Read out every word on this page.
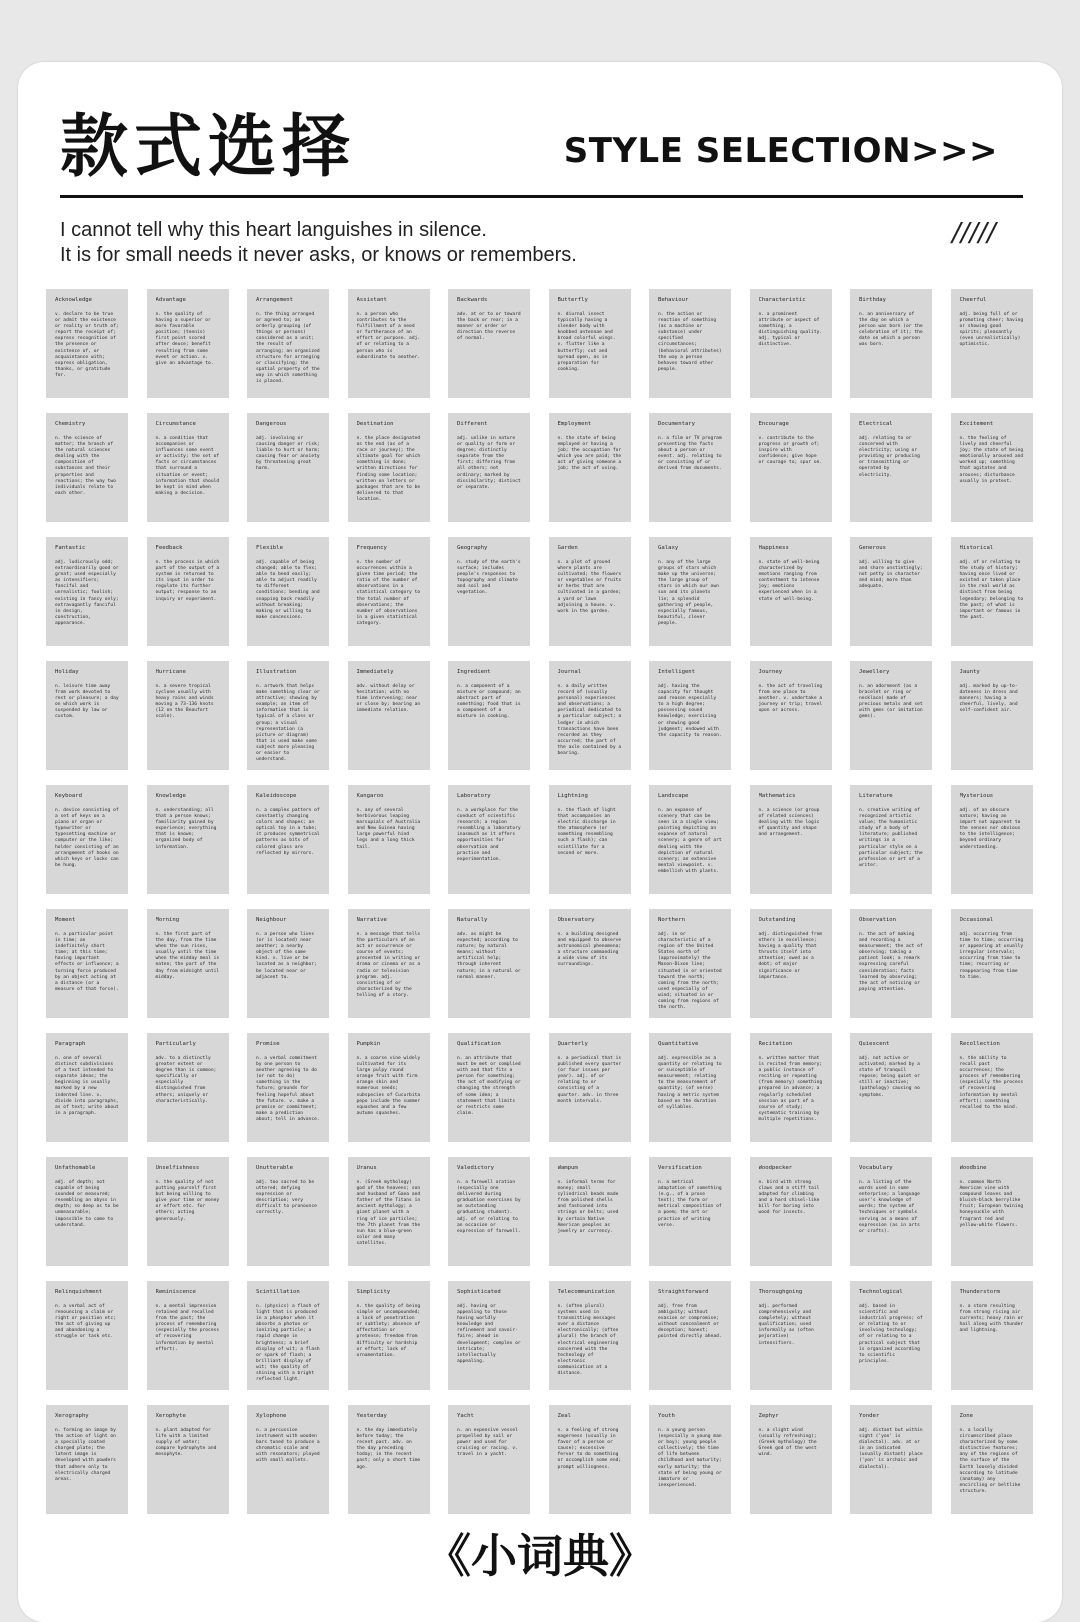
款式选择	STYLE SELECTION>>>
I cannot tell why this heart languishes in silence.
It is for small needs it never asks, or knows or remembers.
/////
Acknowledge
v. declare to be true or admit the existence or reality or truth of; report the receipt of; express recognition of the presence or existence of, or acquaintance with; express obligation, thanks, or gratitude for.
Advantage
n. the quality of having a superior or more favorable position; (tennis) first point scored after deuce; benefit resulting from some event or action. v. give an advantage to.
Arrangement
n. the thing arranged or agreed to; an orderly grouping (of things or persons) considered as a unit; the result of arranging; an organized structure for arranging or classifying; the spatial property of the way in which something is placed.
Assistant
n. a person who contributes to the fulfillment of a need or furtherance of an effort or purpose. adj. of or relating to a person who is subordinate to another.
Backwards
adv. at or to or toward the back or rear; in a manner or order or direction the reverse of normal.
Butterfly
n. diurnal insect typically having a slender body with knobbed antennae and broad colorful wings. v. flutter like a butterfly; cut and spread open, as in preparation for cooking.
Behaviour
n. the action or reaction of something (as a machine or substance) under specified circumstances; (behavioral attributes) the way a person behaves toward other people.
Characteristic
n. a prominent attribute or aspect of something; a distinguishing quality. adj. typical or distinctive.
Birthday
n. an anniversary of the day on which a person was born (or the celebration of it); the date on which a person was born.
Cheerful
adj. being full of or promoting cheer; having or showing good spirits; pleasantly (even unrealistically) optimistic.
Chemistry
n. the science of matter; the branch of the natural sciences dealing with the composition of substances and their properties and reactions; the way two individuals relate to each other.
Circumstance
n. a condition that accompanies or influences some event or activity; the set of facts or circumstances that surround a situation or event; information that should be kept in mind when making a decision.
Dangerous
adj. involving or causing danger or risk; liable to hurt or harm; causing fear or anxiety by threatening great harm.
Destination
n. the place designated as the end (as of a race or journey); the ultimate goal for which something is done; written directions for finding some location; written on letters or packages that are to be delivered to that location.
Different
adj. unlike in nature or quality or form or degree; distinctly separate from the first; differing from all others; not ordinary; marked by dissimilarity; distinct or separate.
Employment
n. the state of being employed or having a job; the occupation for which you are paid; the act of giving someone a job; the act of using.
Documentary
n. a film or TV program presenting the facts about a person or event. adj. relating to or consisting of or derived from documents.
Encourage
v. contribute to the progress or growth of; inspire with confidence; give hope or courage to; spur on.
Electrical
adj. relating to or concerned with electricity; using or providing or producing or transmitting or operated by electricity.
Excitement
n. the feeling of lively and cheerful joy; the state of being emotionally aroused and worked up; something that agitates and arouses; disturbance usually in protest.
Fantastic
adj. ludicrously odd; extraordinarily good or great; used especially as intensifiers; fanciful and unrealistic; foolish; existing in fancy only; extravagantly fanciful in design, construction, appearance.
Feedback
n. the process in which part of the output of a system is returned to its input in order to regulate its further output; response to an inquiry or experiment.
Flexible
adj. capable of being changed; able to flex; able to bend easily; able to adjust readily to different conditions; bending and snapping back readily without breaking; making or willing to make concessions.
Frequency
n. the number of occurrences within a given time period; the ratio of the number of observations in a statistical category to the total number of observations; the number of observations in a given statistical category.
Geography
n. study of the earth's surface; includes people's responses to topography and climate and soil and vegetation.
Garden
n. a plot of ground where plants are cultivated; the flowers or vegetables or fruits or herbs that are cultivated in a garden; a yard or lawn adjoining a house. v. work in the garden.
Galaxy
n. any of the large groups of stars which make up the universe; the large group of stars in which our own sun and its planets lie; a splendid gathering of people, especially famous, beautiful, clever people.
Happiness
n. state of well-being characterized by emotions ranging from contentment to intense joy; emotions experienced when in a state of well-being.
Generous
adj. willing to give and share unstintingly; not petty in character and mind; more than adequate.
Historical
adj. of or relating to the study of history; having once lived or existed or taken place in the real world as distinct from being legendary; belonging to the past; of what is important or famous in the past.
Holiday
n. leisure time away from work devoted to rest or pleasure; a day on which work is suspended by law or custom.
Hurricane
n. a severe tropical cyclone usually with heavy rains and winds moving a 73-136 knots (12 on the Beaufort scale).
Illustration
n. artwork that helps make something clear or attractive; showing by example; an item of information that is typical of a class or group; a visual representation (a picture or diagram) that is used make some subject more pleasing or easier to understand.
Immediately
adv. without delay or hesitation; with no time intervening; near or close by; bearing an immediate relation.
Ingredient
n. a component of a mixture or compound; an abstract part of something; food that is a component of a mixture in cooking.
Journal
n. a daily written record of (usually personal) experiences and observations; a periodical dedicated to a particular subject; a ledger in which transactions have been recorded as they occurred; the part of the axle contained by a bearing.
Intelligent
adj. having the capacity for thought and reason especially to a high degree; possessing sound knowledge; exercising or showing good judgment; endowed with the capacity to reason.
Journey
n. the act of traveling from one place to another. v. undertake a journey or trip; travel upon or across.
Jewellery
n. an adornment (as a bracelet or ring or necklace) made of precious metals and set with gems (or imitation gems).
Jaunty
adj. marked by up-to-dateness in dress and manners; having a cheerful, lively, and self-confident air.
Keyboard
n. device consisting of a set of keys on a piano or organ or typewriter or typesetting machine or computer or the like; holder consisting of an arrangement of hooks on which keys or locks can be hung.
Knowledge
n. understanding; all that a person knows; familiarity gained by experience; everything that is known; organized body of information.
Kaleidoscope
n. a complex pattern of constantly changing colors and shapes; an optical toy in a tube; it produces symmetrical patterns as bits of colored glass are reflected by mirrors.
Kangaroo
n. any of several herbivorous leaping marsupials of Australia and New Guinea having large powerful hind legs and a long thick tail.
Laboratory
n. a workplace for the conduct of scientific research; a region resembling a laboratory inasmuch as it offers opportunities for observation and practice and experimentation.
Lightning
n. the flash of light that accompanies an electric discharge in the atmosphere (or something resembling such a flash); can scintillate for a second or more.
Landscape
n. an expanse of scenery that can be seen in a single view; painting depicting an expanse of natural scenery; a genre of art dealing with the depiction of natural scenery; an extensive mental viewpoint. v. embellish with plants.
Mathematics
n. a science (or group of related sciences) dealing with the logic of quantity and shape and arrangement.
Literature
n. creative writing of recognized artistic value; the humanistic study of a body of literature; published writings in a particular style on a particular subject; the profession or art of a writer.
Mysterious
adj. of an obscure nature; having an import not apparent to the senses nor obvious to the intelligence; beyond ordinary understanding.
Moment
n. a particular point in time; an indefinitely short time; at this time; having important effects or influence; a turning force produced by an object acting at a distance (or a measure of that force).
Morning
n. the first part of the day, from the time when the sun rises, usually until the time when the midday meal is eaten; the part of the day from midnight until midday.
Neighbour
n. a person who lives (or is located) near another; a nearby object of the same kind. v. live or be located as a neighbor; be located near or adjacent to.
Narrative
n. a message that tells the particulars of an act or occurrence or course of events; presented in writing or drama or cinema or as a radio or television program. adj. consisting of or characterized by the telling of a story.
Naturally
adv. as might be expected; according to nature; by natural means; without artificial help; through inherent nature; in a natural or normal manner.
Observatory
n. a building designed and equipped to observe astronomical phenomena; a structure commanding a wide view of its surroundings.
Northern
adj. in or characteristic of a region of the United States north of (approximately) the Mason-Dixon line; situated in or oriented toward the north; coming from the north; used especially of wind; situated in or coming from regions of the north.
Outstanding
adj. distinguished from others in excellence; having a quality that thrusts itself into attention; owed as a debt; of major significance or importance.
Observation
n. the act of making and recording a measurement; the act of observing; taking a patient look; a remark expressing careful consideration; facts learned by observing; the act of noticing or paying attention.
Occasional
adj. occurring from time to time; occurring or appearing at usually irregular intervals; occurring from time to time; recurring or reappearing from time to time.
Paragraph
n. one of several distinct subdivisions of a text intended to separate ideas; the beginning is usually marked by a new indented line. v. divide into paragraphs, as of text; write about in a paragraph.
Particularly
adv. to a distinctly greater extent or degree than is common; specifically or especially distinguished from others; uniquely or characteristically.
Promise
n. a verbal commitment by one person to another agreeing to do (or not to do) something in the future; grounds for feeling hopeful about the future. v. make a promise or commitment; make a prediction about; tell in advance.
Pumpkin
n. a coarse vine widely cultivated for its large pulpy round orange fruit with firm orange skin and numerous seeds; subspecies of Cucurbita pepo include the summer squashes and a few autumn squashes.
Qualification
n. an attribute that must be met or complied with and that fits a person for something; the act of modifying or changing the strength of some idea; a statement that limits or restricts some claim.
Quarterly
n. a periodical that is published every quarter (or four issues per year). adj. of or relating to or consisting of a quarter. adv. in three month intervals.
Quantitative
adj. expressible as a quantity or relating to or susceptible of measurement; relating to the measurement of quantity; (of verse) having a metric system based on the duration of syllables.
Recitation
n. written matter that is recited from memory; a public instance of reciting or repeating (from memory) something prepared in advance; a regularly scheduled session as part of a course of study; systematic training by multiple repetitions.
Quiescent
adj. not active or activated; marked by a state of tranquil repose; being quiet or still or inactive; (pathology) causing no symptoms.
Recollection
n. the ability to recall past occurrences; the process of remembering (especially the process of recovering information by mental effort); something recalled to the mind.
Unfathomable
adj. of depth; not capable of being sounded or measured; resembling an abyss in depth; so deep as to be unmeasurable; impossible to come to understand.
Unselfishness
n. the quality of not putting yourself first but being willing to give your time or money or effort etc. for others; acting generously.
Unutterable
adj. too sacred to be uttered; defying expression or description; very difficult to pronounce correctly.
Uranus
n. (Greek mythology) god of the heavens; son and husband of Gaea and father of the Titans in ancient mythology; a giant planet with a ring of ice particles; the 7th planet from the sun has a blue-green color and many satellites.
Valedictory
n. a farewell oration (especially one delivered during graduation exercises by an outstanding graduating student). adj. of or relating to an occasion or expression of farewell.
Wampum
n. informal terms for money; small cylindrical beads made from polished shells and fashioned into strings or belts; used by certain Native American peoples as jewelry or currency.
Versification
n. a metrical adaptation of something (e.g., of a prose text); the form or metrical composition of a poem; the art or practice of writing verse.
Woodpecker
n. bird with strong claws and a stiff tail adapted for climbing and a hard chisel-like bill for boring into wood for insects.
Vocabulary
n. a listing of the words used in some enterprise; a language user's knowledge of words; the system of techniques or symbols serving as a means of expression (as in arts or crafts).
Woodbine
n. common North American vine with compound leaves and bluish-black berrylike fruit; European twining honeysuckle with fragrant red and yellow-white flowers.
Relinquishment
n. a verbal act of renouncing a claim or right or position etc; the act of giving up and abandoning a struggle or task etc.
Reminiscence
n. a mental impression retained and recalled from the past; the process of remembering (especially the process of recovering information by mental effort).
Scintillation
n. (physics) a flash of light that is produced in a phosphor when it absorbs a photon or ionizing particle; a rapid change in brightness; a brief display of wit; a flash or spark of flash; a brilliant display of wit; the quality of shining with a bright reflected light.
Simplicity
n. the quality of being simple or uncompounded; a lack of penetration or subtlety; absence of affectation or pretense; freedom from difficulty or hardship or effort; lack of ornamentation.
Sophisticated
adj. having or appealing to those having worldly knowledge and refinement and savoir-faire; ahead in development; complex or intricate; intellectually appealing.
Telecommunication
n. (often plural) systems used in transmitting messages over a distance electronically; (often plural) the branch of electrical engineering concerned with the technology of electronic communication at a distance.
Straightforward
adj. free from ambiguity; without evasion or compromise; without concealment or deception; honest; pointed directly ahead.
Thoroughgoing
adj. performed comprehensively and completely; without qualification; used informally as (often pejorative) intensifiers.
Technological
adj. based in scientific and industrial progress; of or relating to or involving technology; of or relating to a practical subject that is organized according to scientific principles.
Thunderstorm
n. a storm resulting from strong rising air currents; heavy rain or hail along with thunder and lightning.
Xerography
n. forming an image by the action of light on a specially coated charged plate; the latent image is developed with powders that adhere only to electrically charged areas.
Xerophyte
n. plant adapted for life with a limited supply of water; compare hydrophyte and mesophyte.
Xylophone
n. a percussion instrument with wooden bars tuned to produce a chromatic scale and with resonators; played with small mallets.
Yesterday
n. the day immediately before today; the recent past. adv. on the day preceding today; in the recent past; only a short time ago.
Yacht
n. an expensive vessel propelled by sail or power and used for cruising or racing. v. travel in a yacht.
Zeal
n. a feeling of strong eagerness (usually in favor of a person or cause); excessive fervor to do something or accomplish some end; prompt willingness.
Youth
n. a young person (especially a young man or boy); young people collectively; the time of life between childhood and maturity; early maturity; the state of being young or immature or inexperienced.
Zephyr
n. a slight wind (usually refreshing); (Greek mythology) the Greek god of the west wind.
Yonder
adj. distant but within sight ('yon' is dialectal). adv. at or in an indicated (usually distant) place ('yon' is archaic and dialectal).
Zone
n. a locally circumscribed place characterized by some distinctive features; any of the regions of the surface of the Earth loosely divided according to latitude (anatomy) any encircling or beltlike structure.
《小词典》
